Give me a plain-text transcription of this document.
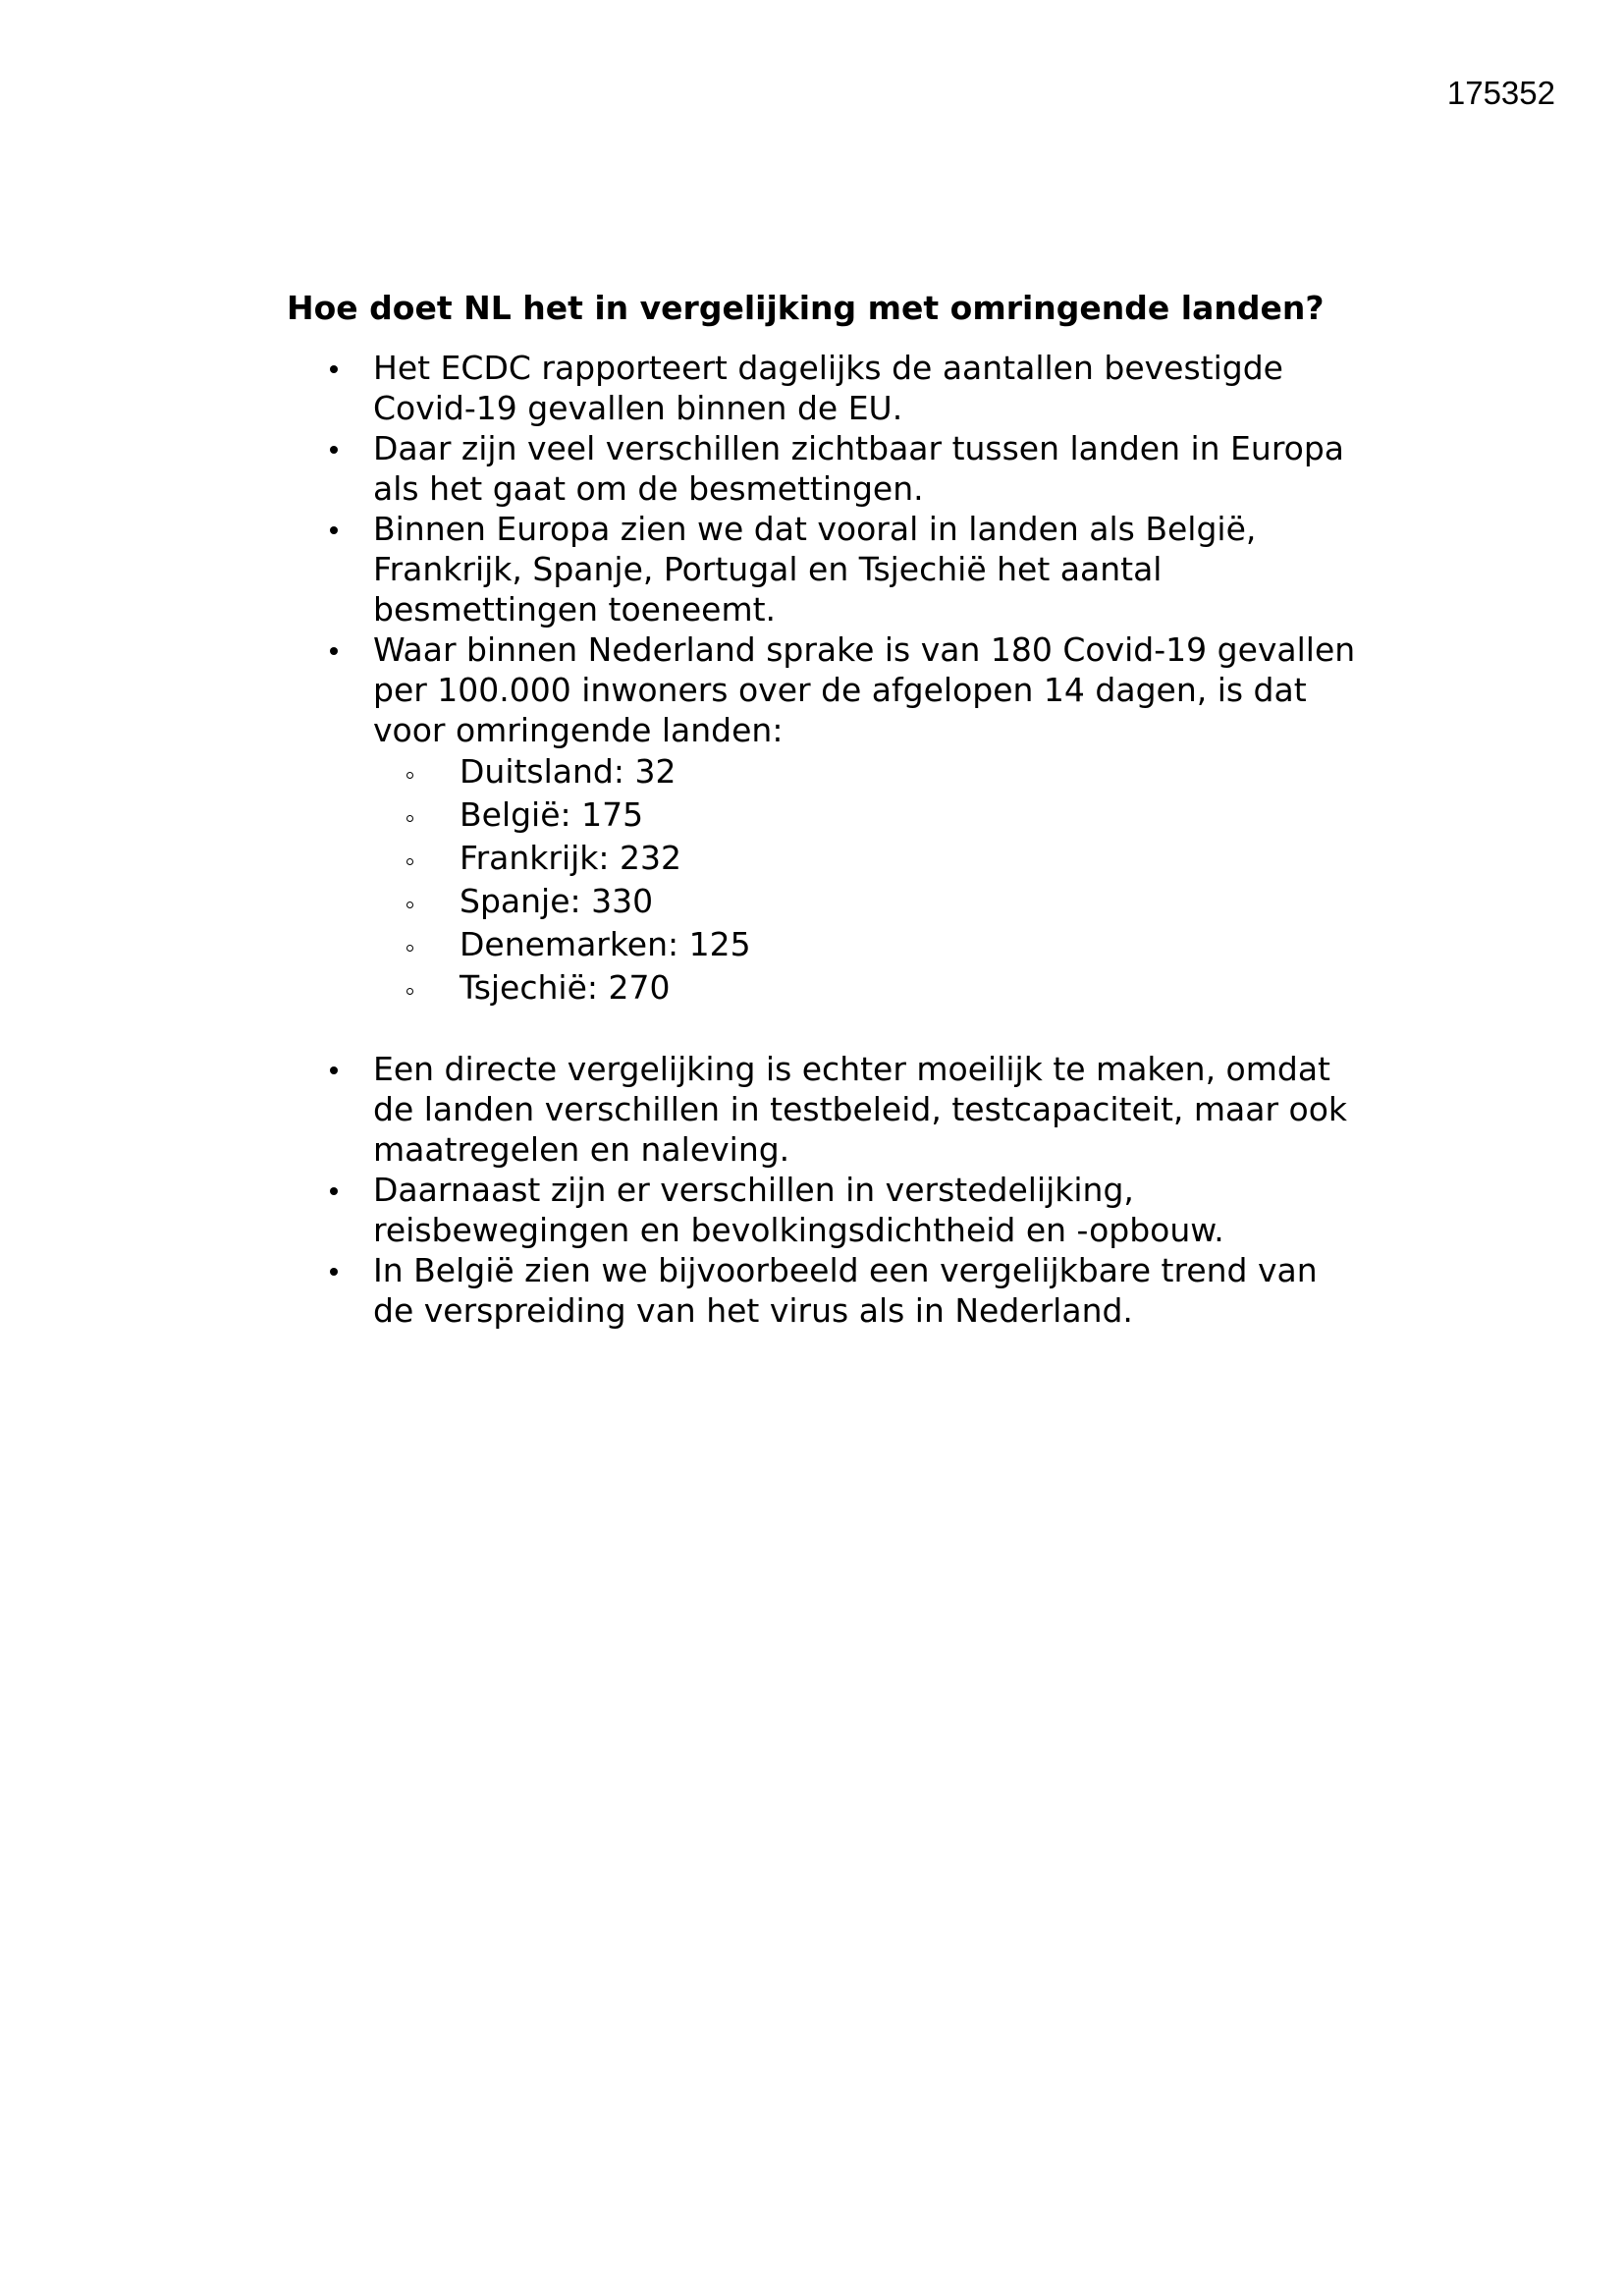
175352

Hoe doet NL het in vergelijking met omringende landen?
Het ECDC rapporteert dagelijks de aantallen bevestigde Covid-19 gevallen binnen de EU.
Daar zijn veel verschillen zichtbaar tussen landen in Europa als het gaat om de besmettingen.
Binnen Europa zien we dat vooral in landen als België, Frankrijk, Spanje, Portugal en Tsjechië het aantal besmettingen toeneemt.
Waar binnen Nederland sprake is van 180 Covid-19 gevallen per 100.000 inwoners over de afgelopen 14 dagen, is dat voor omringende landen:
Duitsland: 32
België: 175
Frankrijk: 232
Spanje: 330
Denemarken: 125
Tsjechië: 270
Een directe vergelijking is echter moeilijk te maken, omdat de landen verschillen in testbeleid, testcapaciteit, maar ook maatregelen en naleving.
Daarnaast zijn er verschillen in verstedelijking, reisbewegingen en bevolkingsdichtheid en -opbouw.
In België zien we bijvoorbeeld een vergelijkbare trend van de verspreiding van het virus als in Nederland.
